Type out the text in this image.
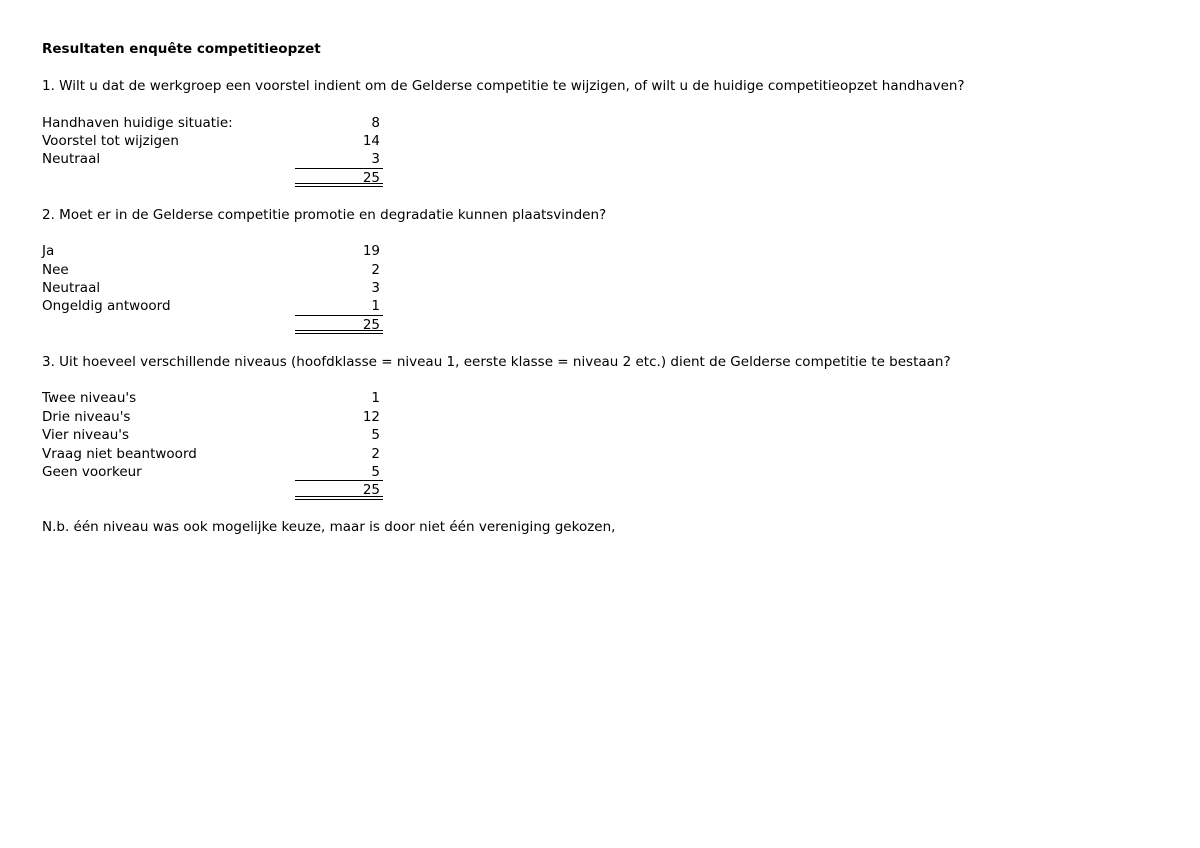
Resultaten enquête competitieopzet
1. Wilt u dat de werkgroep een voorstel indient om de Gelderse competitie te wijzigen, of wilt u de huidige competitieopzet handhaven?
Handhaven huidige situatie:	8
Voorstel tot wijzigen	14
Neutraal	3
25
2. Moet er in de Gelderse competitie promotie en degradatie kunnen plaatsvinden?
Ja	19
Nee	2
Neutraal	3
Ongeldig antwoord	1
25
3. Uit hoeveel verschillende niveaus (hoofdklasse = niveau 1, eerste klasse = niveau 2 etc.) dient de Gelderse competitie te bestaan?
Twee niveau's	1
Drie niveau's	12
Vier niveau's	5
Vraag niet beantwoord	2
Geen voorkeur	5
25
N.b. één niveau was ook mogelijke keuze, maar is door niet één vereniging gekozen,
